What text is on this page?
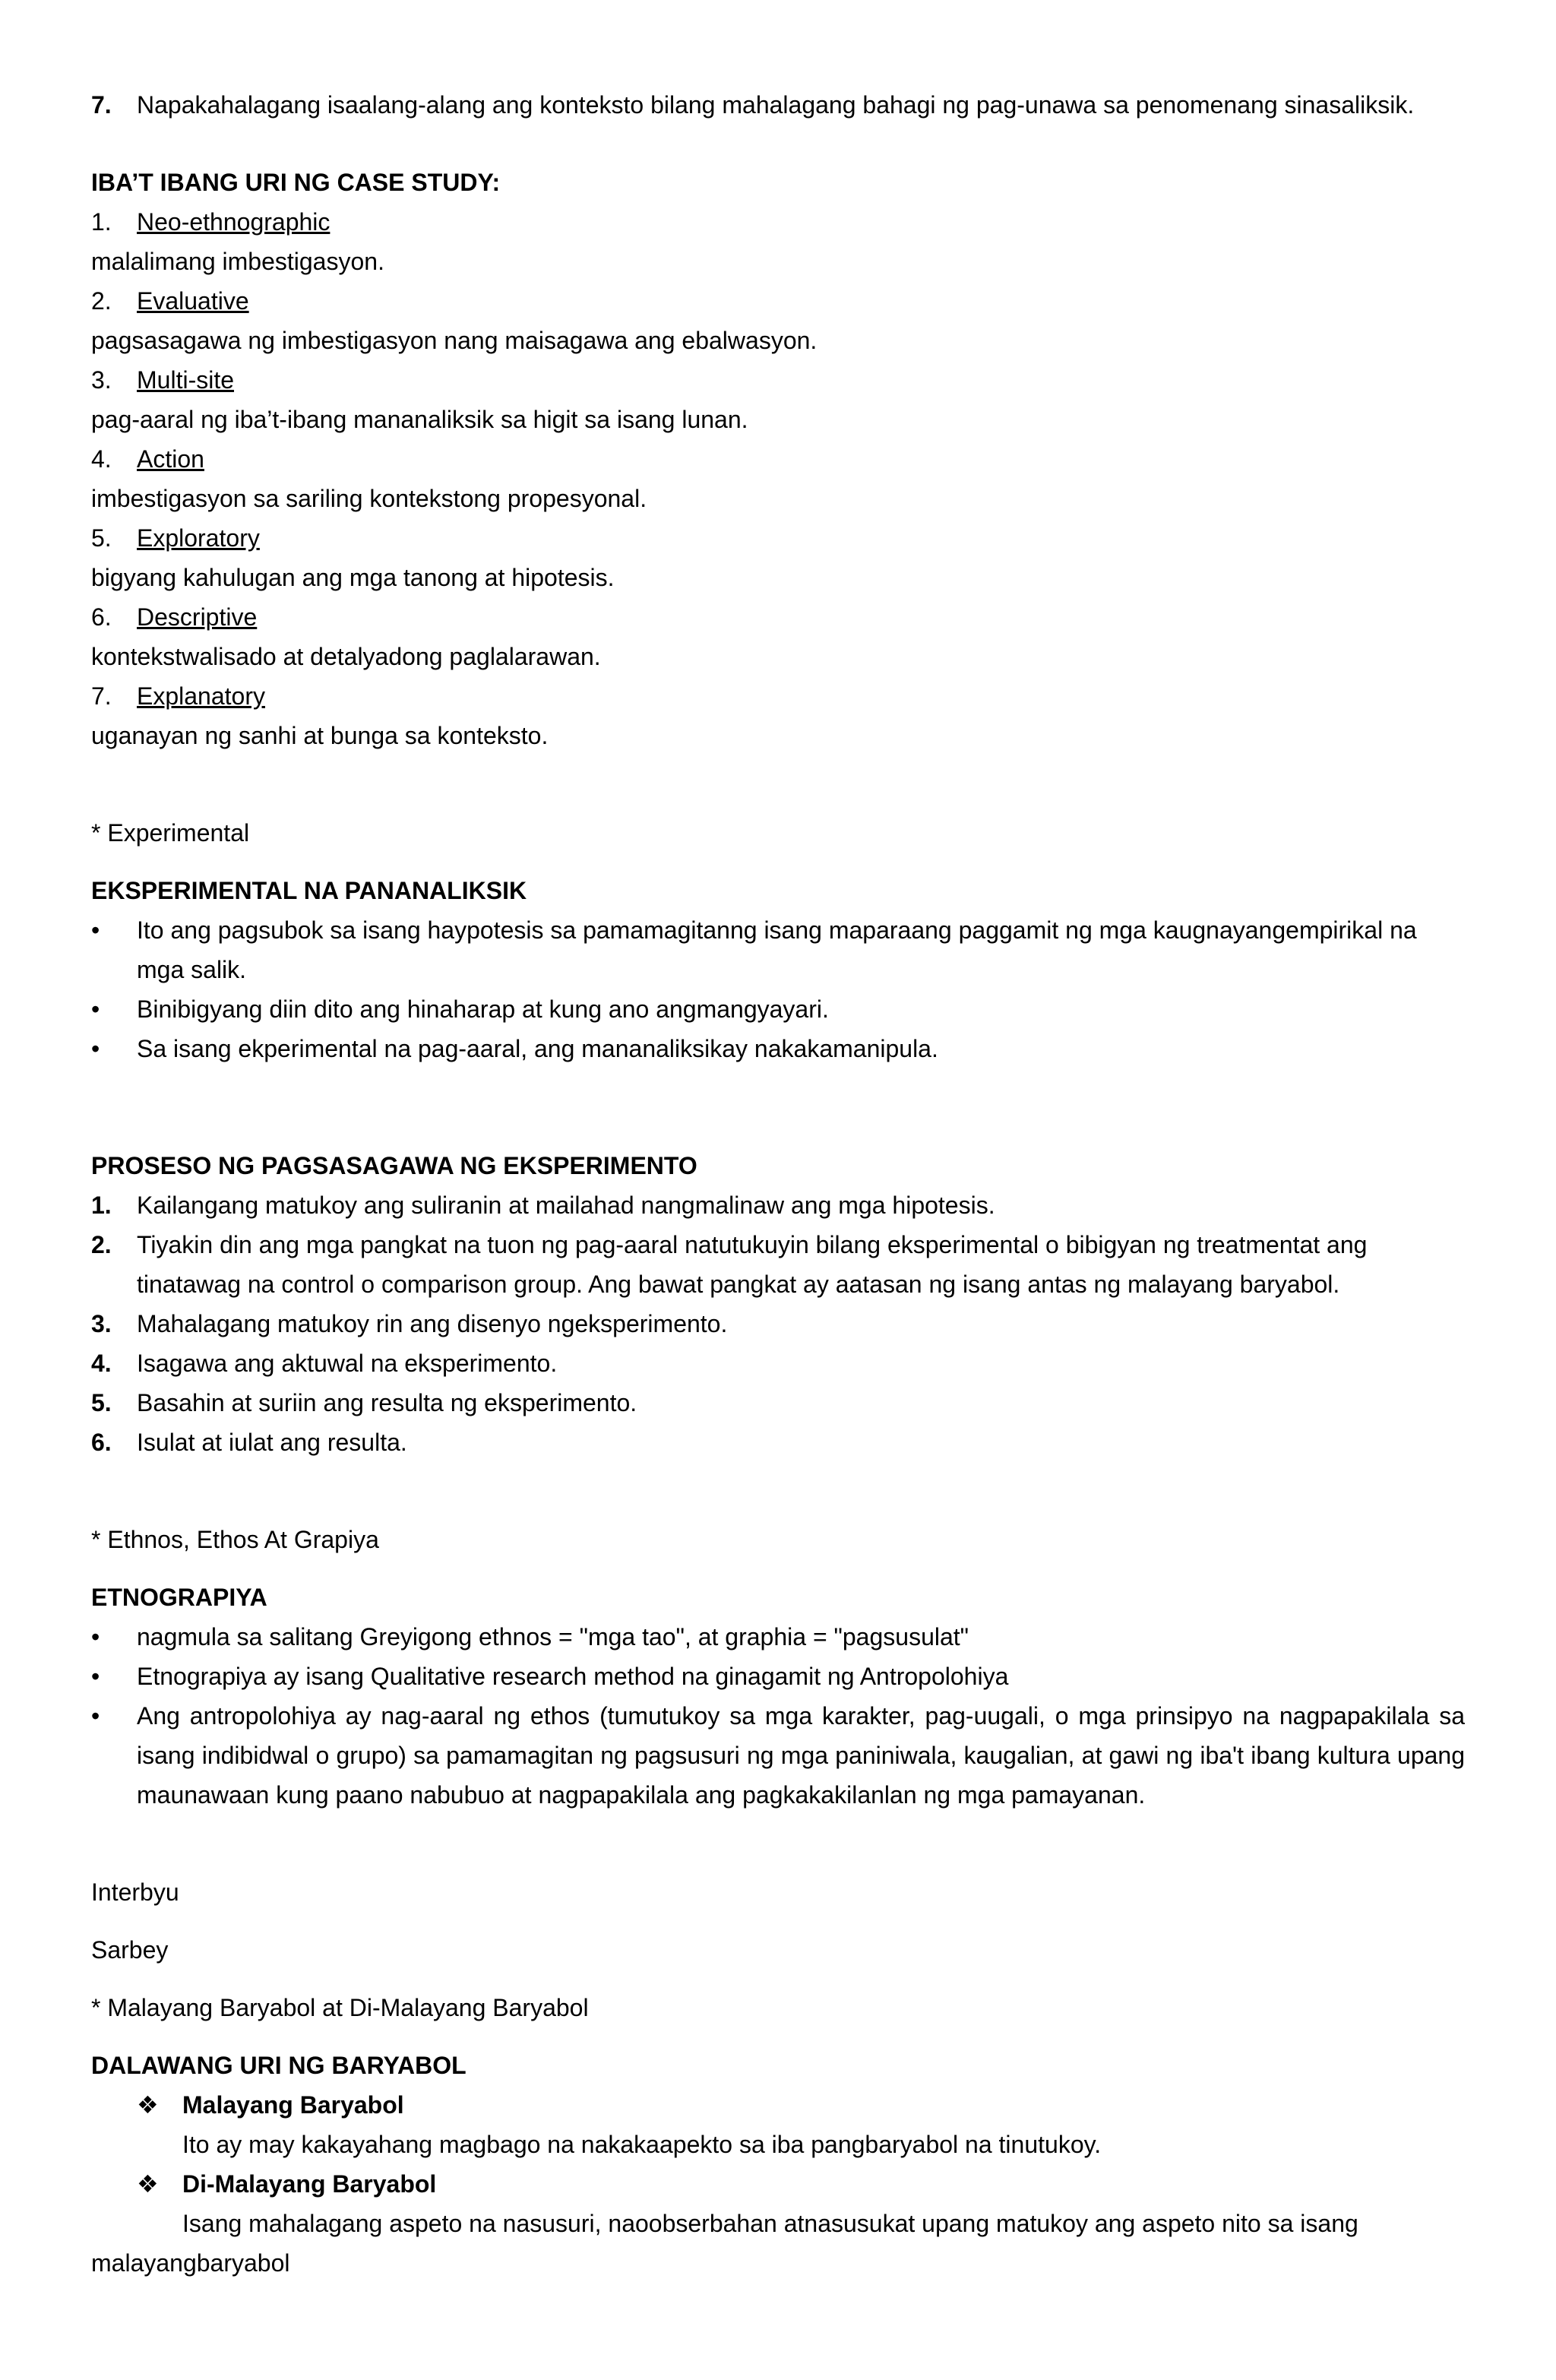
7.	Napakahalagang isaalang-alang ang konteksto bilang mahalagang bahagi ng pag-unawa sa penomenang sinasaliksik.

IBA’T IBANG URI NG CASE STUDY:

1.	Neo-ethnographic

malalimang imbestigasyon.

2.	Evaluative

pagsasagawa ng imbestigasyon nang maisagawa ang ebalwasyon.

3.	Multi-site

pag-aaral ng iba’t-ibang mananaliksik sa higit sa isang lunan.

4.	Action

imbestigasyon sa sariling kontekstong propesyonal.

5.	Exploratory

bigyang kahulugan ang mga tanong at hipotesis.

6.	Descriptive

kontekstwalisado at detalyadong paglalarawan.

7.	Explanatory

uganayan ng sanhi at bunga sa konteksto.

* Experimental

EKSPERIMENTAL NA PANANALIKSIK

•	Ito ang pagsubok sa isang haypotesis sa pamamagitanng isang maparaang paggamit ng mga kaugnayangempirikal na mga salik.
•	Binibigyang diin dito ang hinaharap at kung ano angmangyayari.
•	Sa isang ekperimental na pag-aaral, ang mananaliksikay nakakamanipula.

PROSESO NG PAGSASAGAWA NG EKSPERIMENTO

1.	Kailangang matukoy ang suliranin at mailahad nangmalinaw ang mga hipotesis.
2.	Tiyakin din ang mga pangkat na tuon ng pag-aaral natutukuyin bilang eksperimental o bibigyan ng treatmentat ang tinatawag na control o comparison group. Ang bawat pangkat ay aatasan ng isang antas ng malayang baryabol.
3.	Mahalagang matukoy rin ang disenyo ngeksperimento.
4.	Isagawa ang aktuwal na eksperimento.
5.	Basahin at suriin ang resulta ng eksperimento.
6.	Isulat at iulat ang resulta.

* Ethnos, Ethos At Grapiya

ETNOGRAPIYA

•	nagmula sa salitang Greyigong ethnos = "mga tao", at graphia = "pagsusulat"
•	Etnograpiya ay isang Qualitative research method na ginagamit ng Antropolohiya
•	Ang antropolohiya ay nag-aaral ng ethos (tumutukoy sa mga karakter, pag-uugali, o mga prinsipyo na nagpapakilala sa isang indibidwal o grupo) sa pamamagitan ng pagsusuri ng mga paniniwala, kaugalian, at gawi ng iba't ibang kultura upang maunawaan kung paano nabubuo at nagpapakilala ang pagkakakilanlan ng mga pamayanan.

Interbyu

Sarbey

* Malayang Baryabol at Di-Malayang Baryabol

DALAWANG URI NG BARYABOL

❖ Malayang Baryabol

Ito ay may kakayahang magbago na nakakaapekto sa iba pangbaryabol na tinutukoy.

❖ Di-Malayang Baryabol

Isang mahalagang aspeto na nasusuri, naoobserbahan atnasusukat upang matukoy ang aspeto nito sa isang

malayangbaryabol
